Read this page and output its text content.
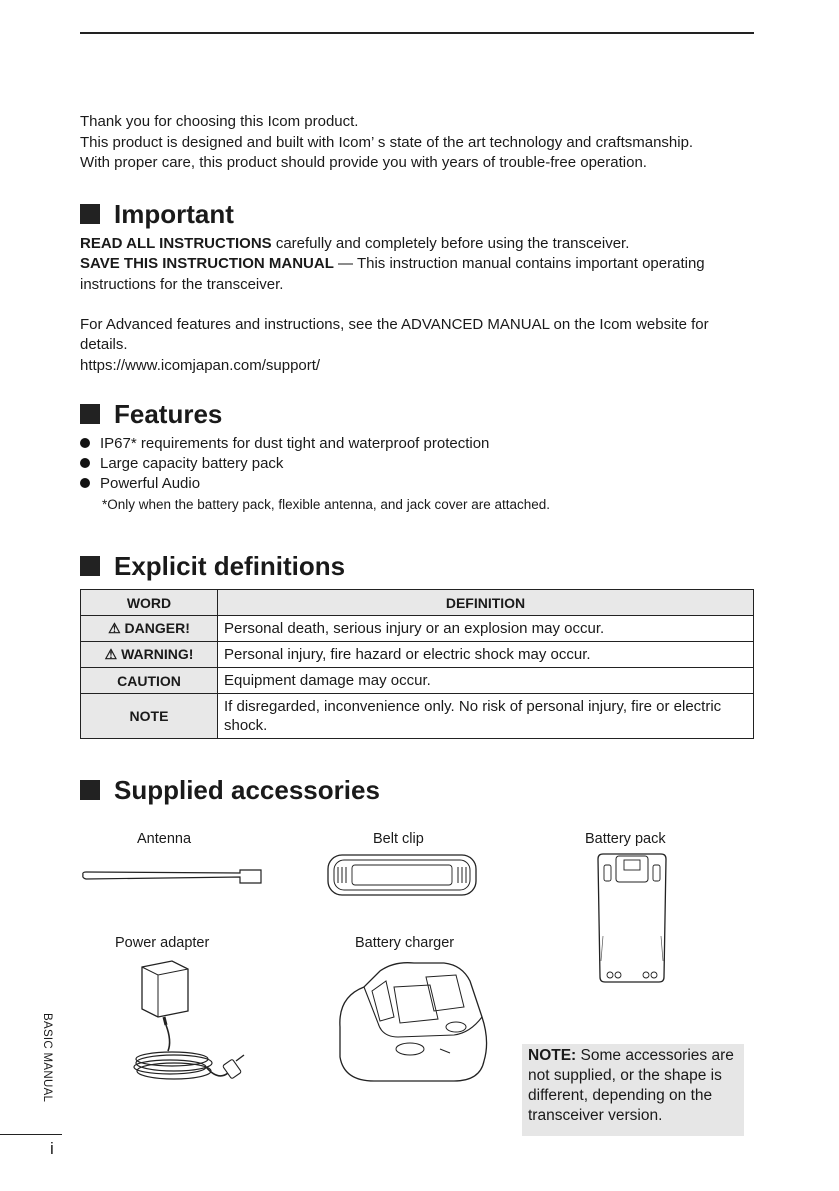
Thank you for choosing this Icom product.
This product is designed and built with Icom’ s state of the art technology and craftsmanship.
With proper care, this product should provide you with years of trouble-free operation.
Important
READ ALL INSTRUCTIONS carefully and completely before using the transceiver.
SAVE THIS INSTRUCTION MANUAL — This instruction manual contains important operating instructions for the transceiver.
For Advanced features and instructions, see the ADVANCED MANUAL on the Icom website for details.
https://www.icomjapan.com/support/
Features
IP67* requirements for dust tight and waterproof protection
Large capacity battery pack
Powerful Audio
*Only when the battery pack, flexible antenna, and jack cover are attached.
Explicit definitions
WORD	DEFINITION
⚠ DANGER!	Personal death, serious injury or an explosion may occur.
⚠ WARNING!	Personal injury, fire hazard or electric shock may occur.
CAUTION	Equipment damage may occur.
NOTE	If disregarded, inconvenience only. No risk of personal injury, fire or electric shock.
Supplied accessories
Antenna	Belt clip	Battery pack
Power adapter	Battery charger
NOTE: Some accessories are not supplied, or the shape is different, depending on the transceiver version.
BASIC MANUAL
i
